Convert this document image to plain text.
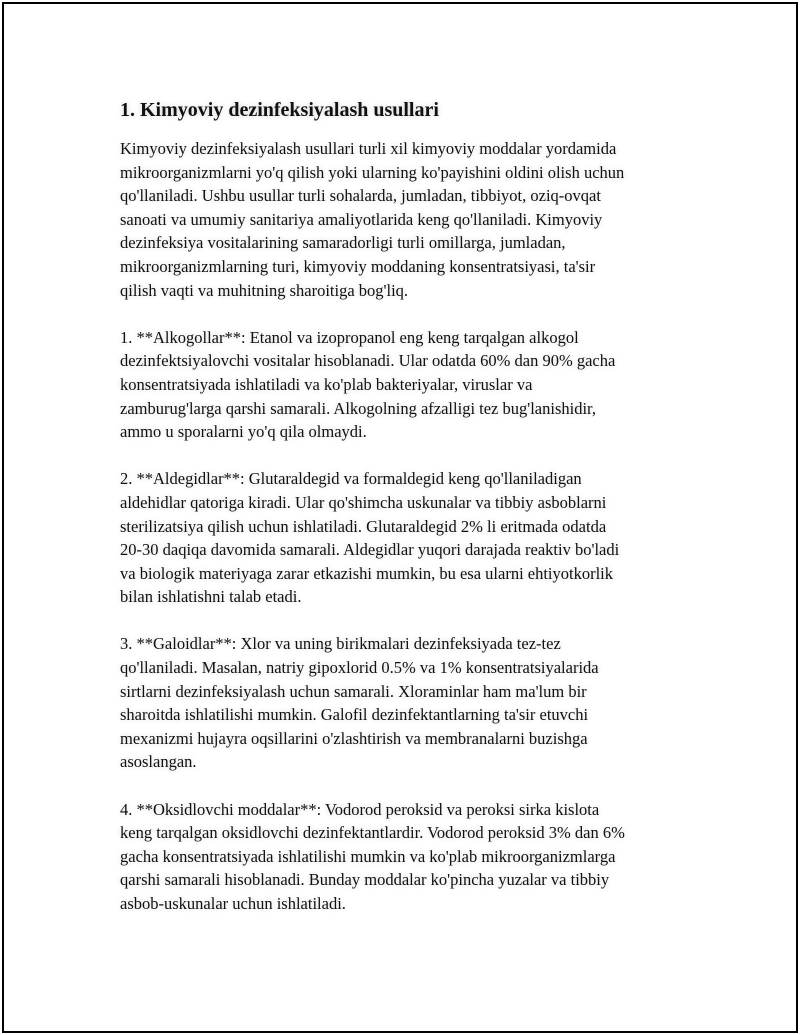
1. Kimyoviy dezinfeksiyalash usullari
Kimyoviy dezinfeksiyalash usullari turli xil kimyoviy moddalar yordamida
mikroorganizmlarni yo'q qilish yoki ularning ko'payishini oldini olish uchun
qo'llaniladi. Ushbu usullar turli sohalarda, jumladan, tibbiyot, oziq-ovqat
sanoati va umumiy sanitariya amaliyotlarida keng qo'llaniladi. Kimyoviy
dezinfeksiya vositalarining samaradorligi turli omillarga, jumladan,
mikroorganizmlarning turi, kimyoviy moddaning konsentratsiyasi, ta'sir
qilish vaqti va muhitning sharoitiga bog'liq.
1. **Alkogollar**: Etanol va izopropanol eng keng tarqalgan alkogol
dezinfektsiyalovchi vositalar hisoblanadi. Ular odatda 60% dan 90% gacha
konsentratsiyada ishlatiladi va ko'plab bakteriyalar, viruslar va
zamburug'larga qarshi samarali. Alkogolning afzalligi tez bug'lanishidir,
ammo u sporalarni yo'q qila olmaydi.
2. **Aldegidlar**: Glutaraldegid va formaldegid keng qo'llaniladigan
aldehidlar qatoriga kiradi. Ular qo'shimcha uskunalar va tibbiy asboblarni
sterilizatsiya qilish uchun ishlatiladi. Glutaraldegid 2% li eritmada odatda
20-30 daqiqa davomida samarali. Aldegidlar yuqori darajada reaktiv bo'ladi
va biologik materiyaga zarar etkazishi mumkin, bu esa ularni ehtiyotkorlik
bilan ishlatishni talab etadi.
3. **Galoidlar**: Xlor va uning birikmalari dezinfeksiyada tez-tez
qo'llaniladi. Masalan, natriy gipoxlorid 0.5% va 1% konsentratsiyalarida
sirtlarni dezinfeksiyalash uchun samarali. Xloraminlar ham ma'lum bir
sharoitda ishlatilishi mumkin. Galofil dezinfektantlarning ta'sir etuvchi
mexanizmi hujayra oqsillarini o'zlashtirish va membranalarni buzishga
asoslangan.
4. **Oksidlovchi moddalar**: Vodorod peroksid va peroksi sirka kislota
keng tarqalgan oksidlovchi dezinfektantlardir. Vodorod peroksid 3% dan 6%
gacha konsentratsiyada ishlatilishi mumkin va ko'plab mikroorganizmlarga
qarshi samarali hisoblanadi. Bunday moddalar ko'pincha yuzalar va tibbiy
asbob-uskunalar uchun ishlatiladi.
